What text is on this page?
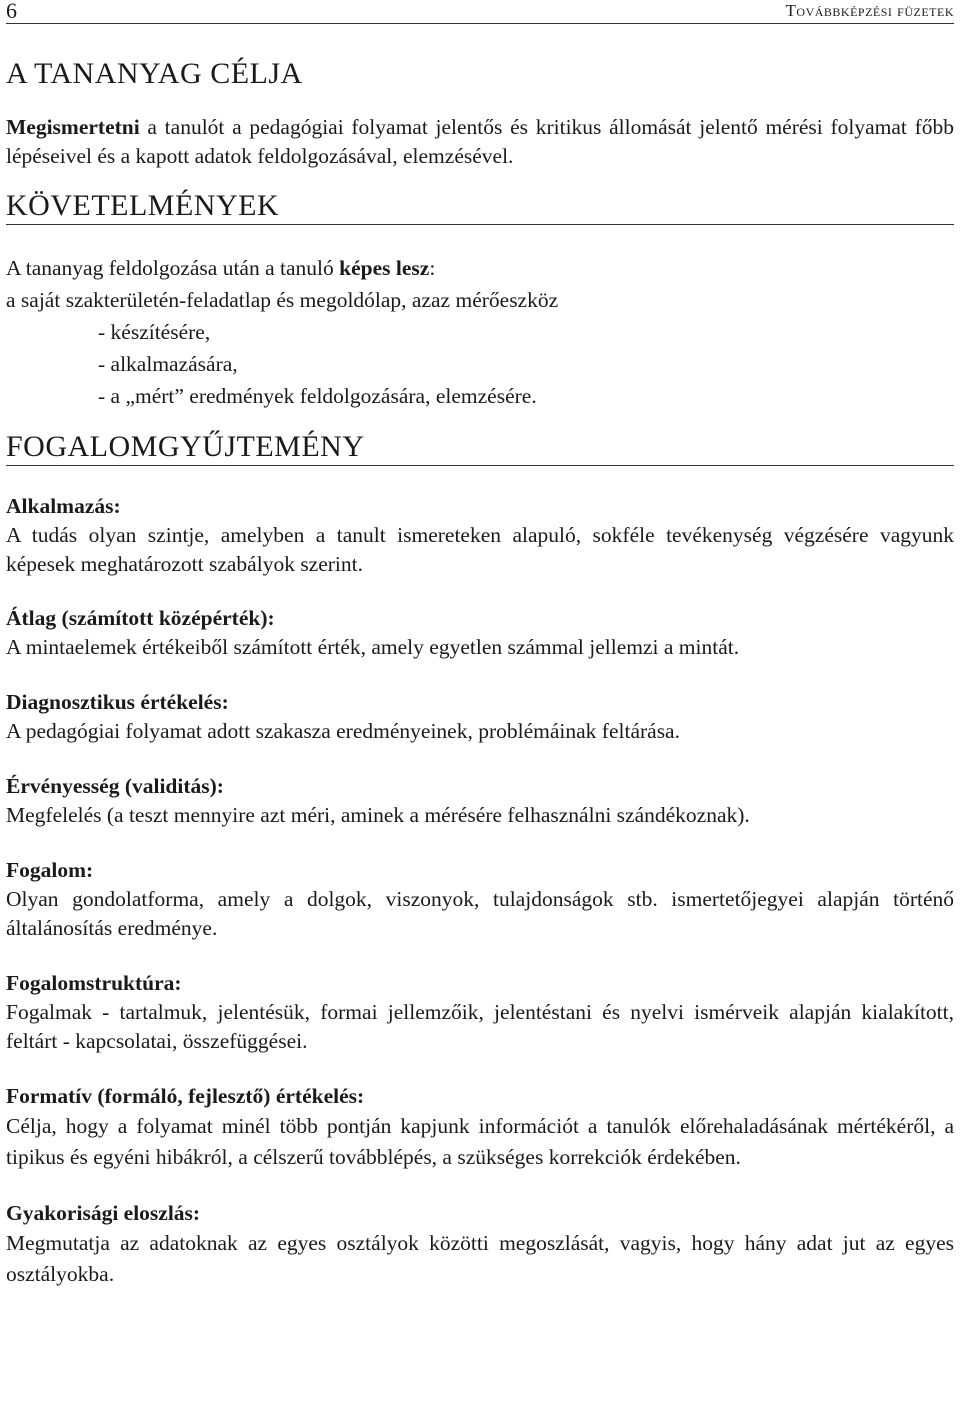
6	Továbbképzési füzetek
A TANANYAG CÉLJA

Megismertetni a tanulót a pedagógiai folyamat jelentős és kritikus állomását jelentő mérési folyamat főbb lépéseivel és a kapott adatok feldolgozásával, elemzésével.

KÖVETELMÉNYEK

A tananyag feldolgozása után a tanuló képes lesz:

a saját szakterületén-feladatlap és megoldólap, azaz mérőeszköz

- készítésére,
- alkalmazására,
- a „mért” eredmények feldolgozására, elemzésére.
FOGALOMGYŰJTEMÉNY

Alkalmazás:

A tudás olyan szintje, amelyben a tanult ismereteken alapuló, sokféle tevékenység végzésére vagyunk képesek meghatározott szabályok szerint.

Átlag (számított középérték):

A mintaelemek értékeiből számított érték, amely egyetlen számmal jellemzi a mintát.

Diagnosztikus értékelés:

A pedagógiai folyamat adott szakasza eredményeinek, problémáinak feltárása.

Érvényesség (validitás):

Megfelelés (a teszt mennyire azt méri, aminek a mérésére felhasználni szándékoznak).

Fogalom:

Olyan gondolatforma, amely a dolgok, viszonyok, tulajdonságok stb. ismertetőjegyei alapján történő általánosítás eredménye.

Fogalomstruktúra:

Fogalmak - tartalmuk, jelentésük, formai jellemzőik, jelentéstani és nyelvi ismérveik alapján kialakított, feltárt - kapcsolatai, összefüggései.

Formatív (formáló, fejlesztő) értékelés:

Célja, hogy a folyamat minél több pontján kapjunk információt a tanulók előrehaladásának mértékéről, a tipikus és egyéni hibákról, a célszerű továbblépés, a szükséges korrekciók érdekében.

Gyakorisági eloszlás:

Megmutatja az adatoknak az egyes osztályok közötti megoszlását, vagyis, hogy hány adat jut az egyes osztályokba.
